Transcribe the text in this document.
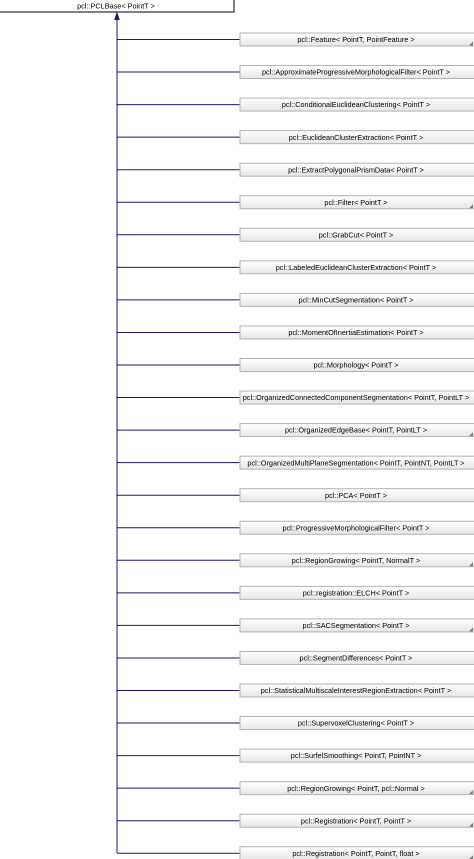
pcl::PCLBase< PointT >
pcl::Feature< PointT, PointFeature >
pcl::ApproximateProgressiveMorphologicalFilter< PointT >
pcl::ConditionalEuclideanClustering< PointT >
pcl::EuclideanClusterExtraction< PointT >
pcl::ExtractPolygonalPrismData< PointT >
pcl::Filter< PointT >
pcl::GrabCut< PointT >
pcl::LabeledEuclideanClusterExtraction< PointT >
pcl::MinCutSegmentation< PointT >
pcl::MomentOfInertiaEstimation< PointT >
pcl::Morphology< PointT >
pcl::OrganizedConnectedComponentSegmentation< PointT, PointLT >
pcl::OrganizedEdgeBase< PointT, PointLT >
pcl::OrganizedMultiPlaneSegmentation< PointT, PointNT, PointLT >
pcl::PCA< PointT >
pcl::ProgressiveMorphologicalFilter< PointT >
pcl::RegionGrowing< PointT, NormalT >
pcl::registration::ELCH< PointT >
pcl::SACSegmentation< PointT >
pcl::SegmentDifferences< PointT >
pcl::StatisticalMultiscaleInterestRegionExtraction< PointT >
pcl::SupervoxelClustering< PointT >
pcl::SurfelSmoothing< PointT, PointNT >
pcl::RegionGrowing< PointT, pcl::Normal >
pcl::Registration< PointT, PointT >
pcl::Registration< PointT, PointT, float >
